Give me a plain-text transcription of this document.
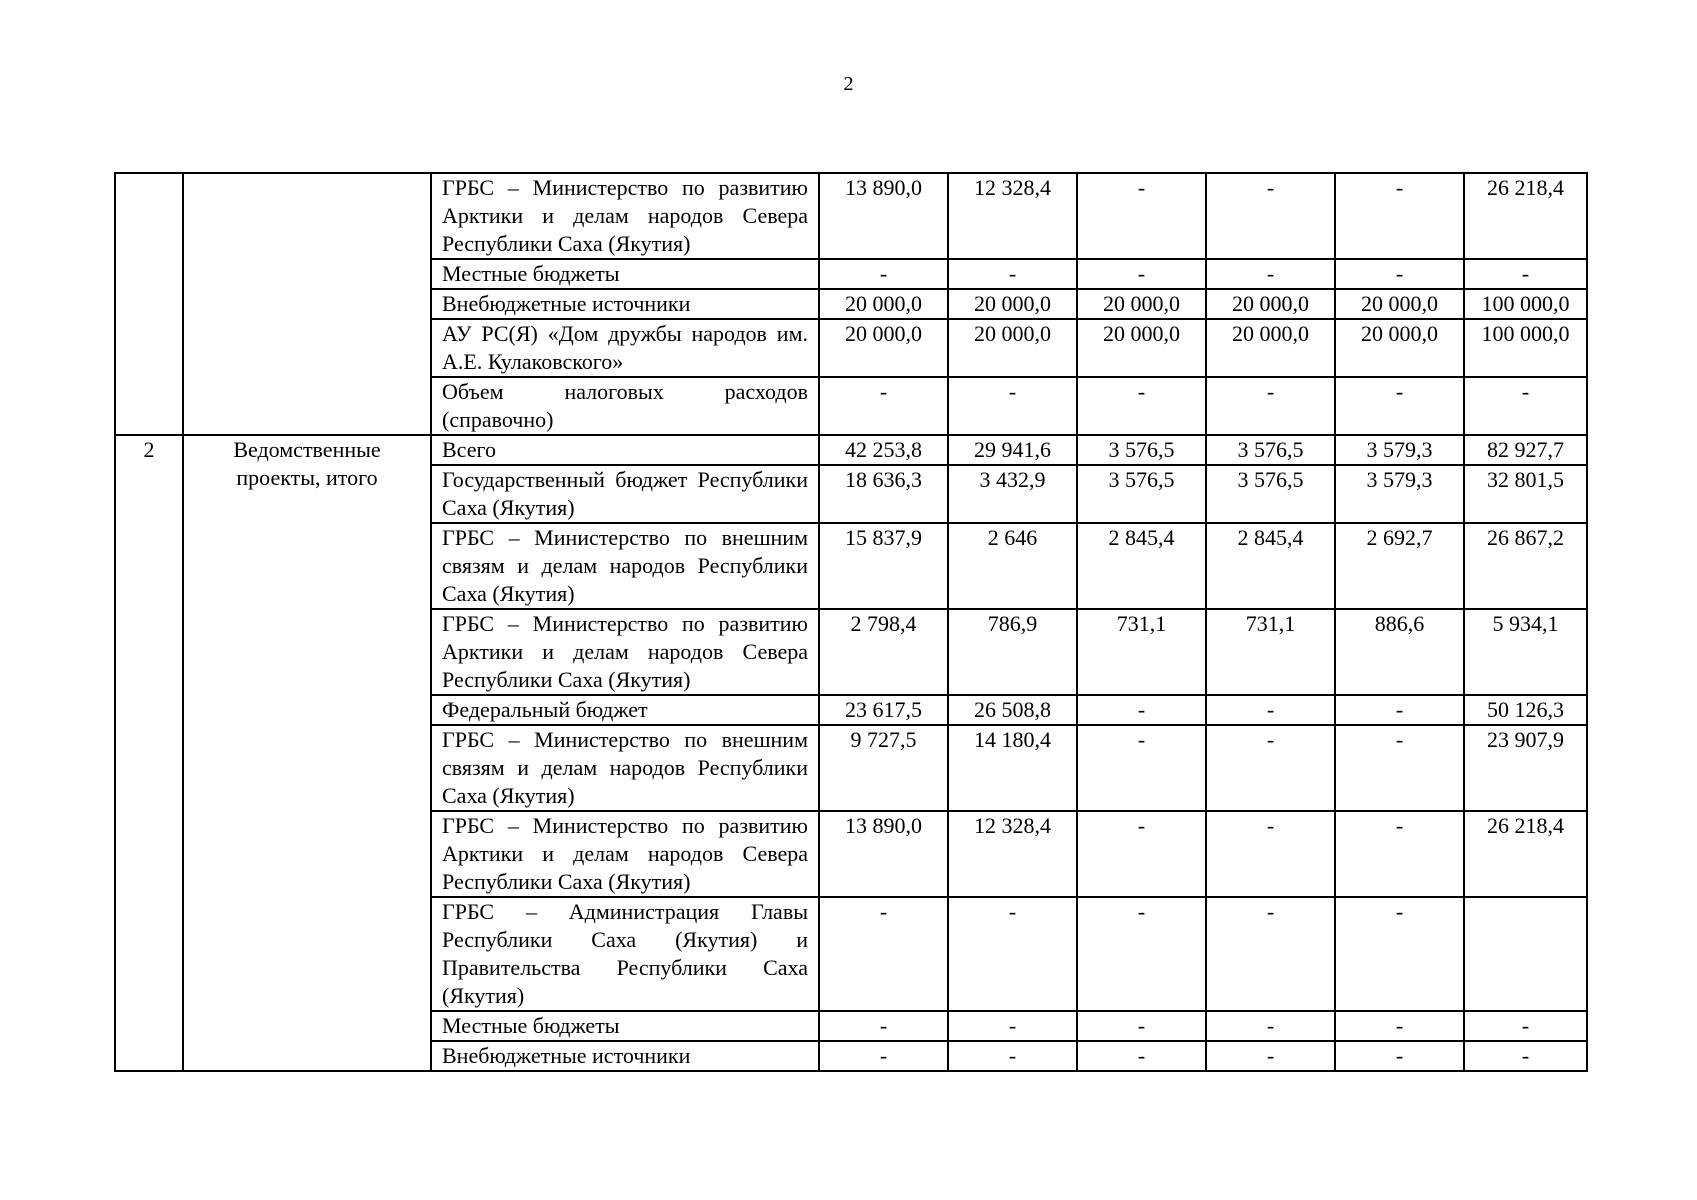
2
		ГРБС – Министерство по развитию Арктики и делам народов Севера Республики Саха (Якутия)	13 890,0	12 328,4	-	-	-	26 218,4
		Местные бюджеты	-	-	-	-	-	-
		Внебюджетные источники	20 000,0	20 000,0	20 000,0	20 000,0	20 000,0	100 000,0
		АУ РС(Я) «Дом дружбы народов им. А.Е. Кулаковского»	20 000,0	20 000,0	20 000,0	20 000,0	20 000,0	100 000,0
		Объем налоговых расходов (справочно)	-	-	-	-	-	-
2	Ведомственные проекты, итого	Всего	42 253,8	29 941,6	3 576,5	3 576,5	3 579,3	82 927,7
		Государственный бюджет Республики Саха (Якутия)	18 636,3	3 432,9	3 576,5	3 576,5	3 579,3	32 801,5
		ГРБС – Министерство по внешним связям и делам народов Республики Саха (Якутия)	15 837,9	2 646	2 845,4	2 845,4	2 692,7	26 867,2
		ГРБС – Министерство по развитию Арктики и делам народов Севера Республики Саха (Якутия)	2 798,4	786,9	731,1	731,1	886,6	5 934,1
		Федеральный бюджет	23 617,5	26 508,8	-	-	-	50 126,3
		ГРБС – Министерство по внешним связям и делам народов Республики Саха (Якутия)	9 727,5	14 180,4	-	-	-	23 907,9
		ГРБС – Министерство по развитию Арктики и делам народов Севера Республики Саха (Якутия)	13 890,0	12 328,4	-	-	-	26 218,4
		ГРБС – Администрация Главы Республики Саха (Якутия) и Правительства Республики Саха (Якутия)	-	-	-	-	-	
		Местные бюджеты	-	-	-	-	-	-
		Внебюджетные источники	-	-	-	-	-	-
